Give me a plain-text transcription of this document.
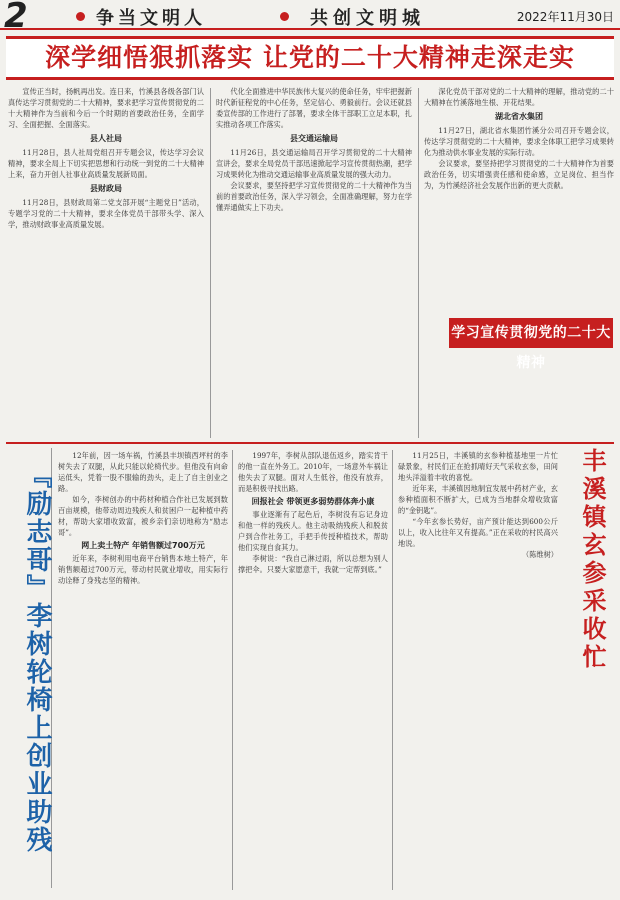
2	争当文明人	共创文明城	2022年11月30日
深学细悟狠抓落实 让党的二十大精神走深走实

宣传正当时，扬帆再出发。连日来，竹溪县各级各部门认真传达学习贯彻党的二十大精神，要求把学习宣传贯彻党的二十大精神作为当前和今后一个时期的首要政治任务，全面学习、全面把握、全面落实。

县人社局

11月28日，县人社局党组召开专题会议，传达学习会议精神，要求全局上下切实把思想和行动统一到党的二十大精神上来，奋力开创人社事业高质量发展新局面。

县财政局

11月28日，县财政局第二党支部开展“主题党日”活动，专题学习党的二十大精神，要求全体党员干部带头学、深入学，推动财政事业高质量发展。

代化全面推进中华民族伟大复兴的使命任务，牢牢把握新时代新征程党的中心任务，坚定信心、勇毅前行。会议还就县委宣传部的工作进行了部署，要求全体干部职工立足本职，扎实推动各项工作落实。

县交通运输局

11月26日，县交通运输局召开学习贯彻党的二十大精神宣讲会，要求全局党员干部迅速掀起学习宣传贯彻热潮，把学习成果转化为推动交通运输事业高质量发展的强大动力。

会议要求，要坚持把学习宣传贯彻党的二十大精神作为当前的首要政治任务，深入学习领会，全面准确理解，努力在学懂弄通做实上下功夫。

深化党员干部对党的二十大精神的理解，推动党的二十大精神在竹溪落地生根、开花结果。

湖北省水集团

11月27日，湖北省水集团竹溪分公司召开专题会议，传达学习贯彻党的二十大精神，要求全体职工把学习成果转化为推动供水事业发展的实际行动。

会议要求，要坚持把学习贯彻党的二十大精神作为首要政治任务，切实增强责任感和使命感，立足岗位、担当作为，为竹溪经济社会发展作出新的更大贡献。

学习宣传贯彻党的二十大精神
『励志哥』李树轮椅上创业助残

12年前，因一场车祸，竹溪县丰坝镇西坪村的李树失去了双腿，从此只能以轮椅代步。但他没有向命运低头，凭着一股不服输的劲头，走上了自主创业之路。

如今，李树创办的中药材种植合作社已发展到数百亩规模，他带动周边残疾人和贫困户一起种植中药材，帮助大家增收致富，被乡亲们亲切地称为“励志哥”。

网上卖土特产 年销售额过700万元

近年来，李树利用电商平台销售本地土特产，年销售额超过700万元，带动村民就业增收，用实际行动诠释了身残志坚的精神。

1997年，李树从部队退伍返乡，踏实肯干的他一直在外务工。2010年，一场意外车祸让他失去了双腿。面对人生低谷，他没有放弃，而是积极寻找出路。

回报社会 带领更多弱势群体奔小康

事业逐渐有了起色后，李树没有忘记身边和他一样的残疾人。他主动吸纳残疾人和脱贫户到合作社务工，手把手传授种植技术，帮助他们实现自食其力。

李树说：“我自己淋过雨，所以总想为别人撑把伞。只要大家愿意干，我就一定帮到底。”

11月25日，丰溪镇的玄参种植基地里一片忙碌景象，村民们正在抢抓晴好天气采收玄参，田间地头洋溢着丰收的喜悦。

近年来，丰溪镇因地制宜发展中药材产业，玄参种植面积不断扩大，已成为当地群众增收致富的“金钥匙”。

“今年玄参长势好，亩产预计能达到600公斤以上，收入比往年又有提高。”正在采收的村民高兴地说。

（陈维树） 丰溪镇玄参采收忙
